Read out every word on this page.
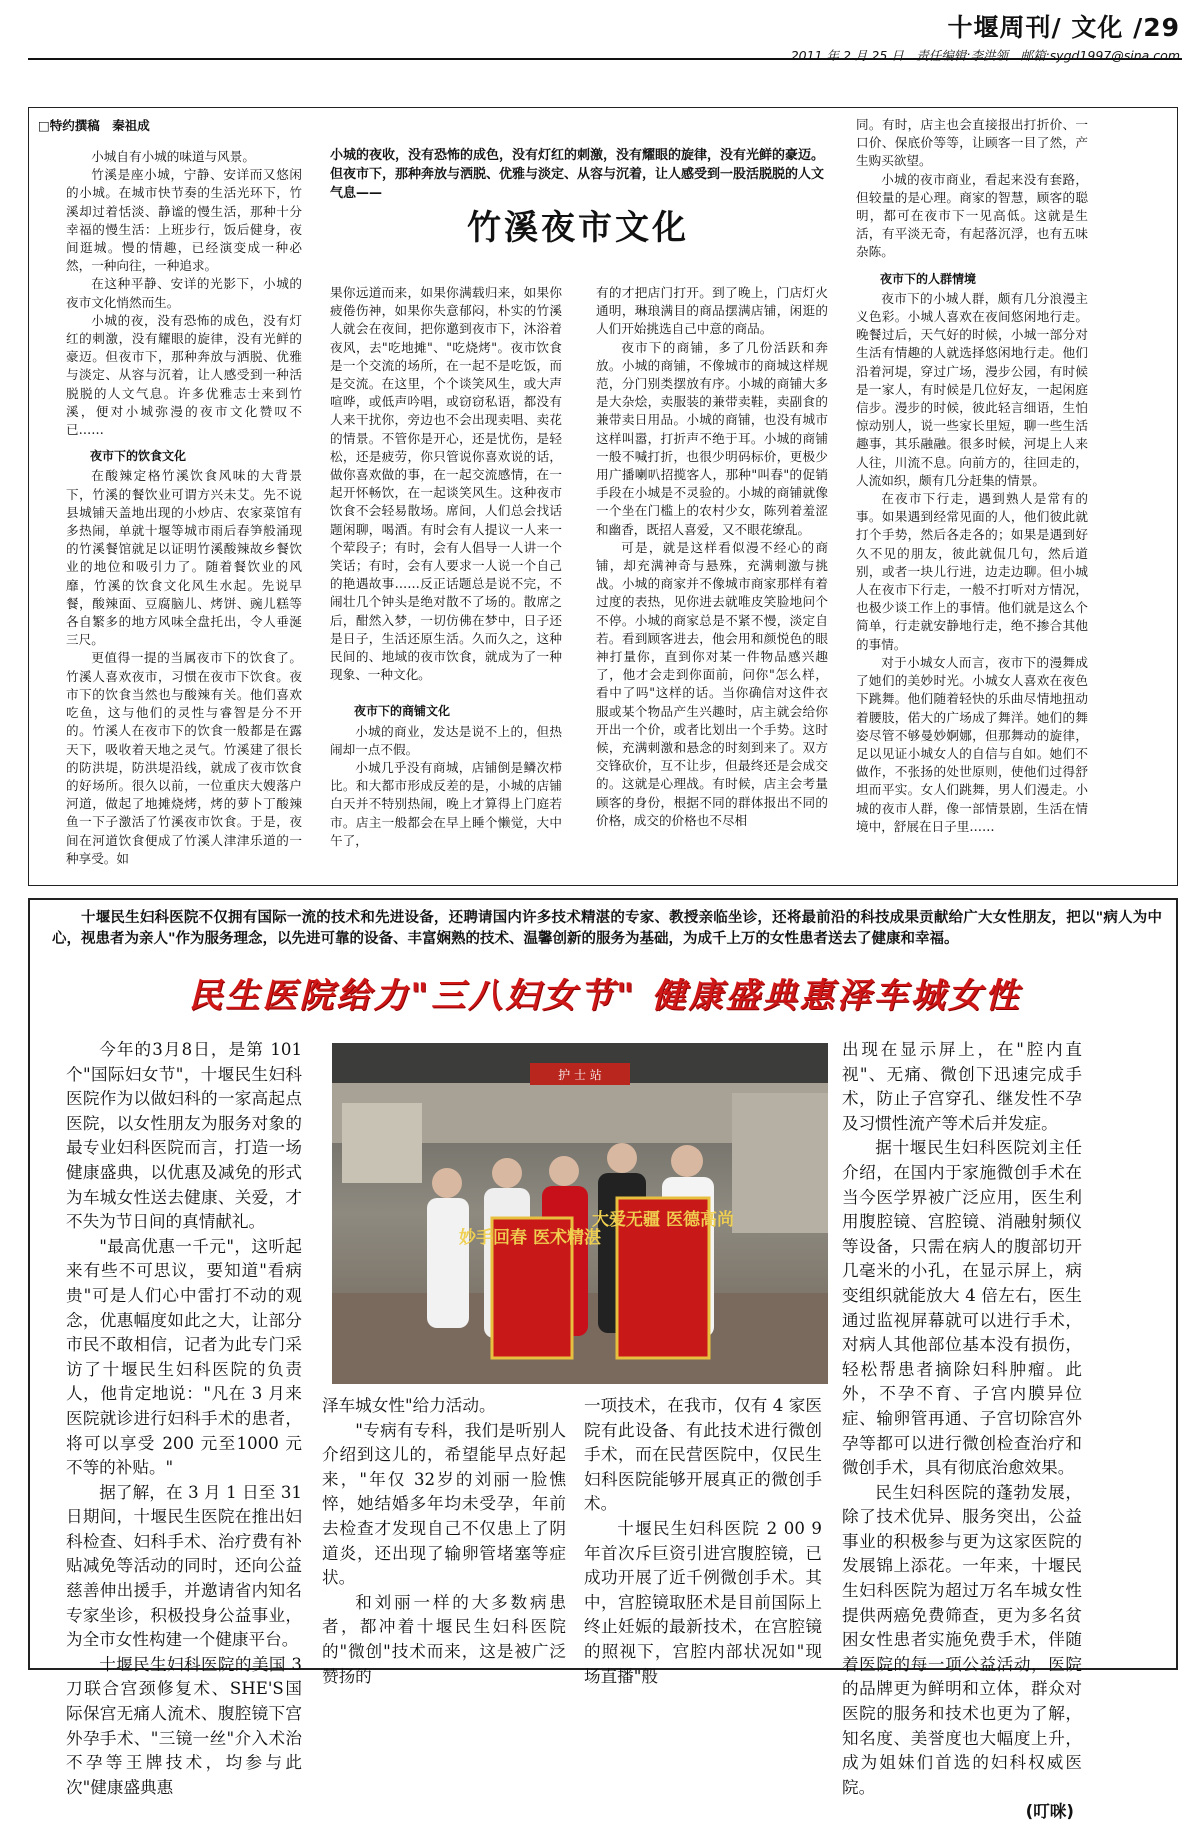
十堰周刊/ 文化 /29
2011 年 2 月 25 日　责任编辑:李洪领　邮箱:sygd1997@sina.com
□特约撰稿　秦祖成
小城的夜收，没有恐怖的成色，没有灯红的刺激，没有耀眼的旋律，没有光鲜的豪迈。但夜市下，那种奔放与洒脱、优雅与淡定、从容与沉着，让人感受到一股活脱脱的人文气息——
竹溪夜市文化

小城自有小城的味道与风景。

竹溪是座小城，宁静、安详而又悠闲的小城。在城市快节奏的生活光环下，竹溪却过着恬淡、静谧的慢生活，那种十分幸福的慢生活：上班步行，饭后健身，夜间逛城。慢的情趣，已经演变成一种必然，一种向往，一种追求。

在这种平静、安详的光影下，小城的夜市文化悄然而生。

小城的夜，没有恐怖的成色，没有灯红的刺激，没有耀眼的旋律，没有光鲜的豪迈。但夜市下，那种奔放与洒脱、优雅与淡定、从容与沉着，让人感受到一种活脱脱的人文气息。许多优雅志士来到竹溪，便对小城弥漫的夜市文化赞叹不已……

夜市下的饮食文化

在酸辣定格竹溪饮食风味的大背景下，竹溪的餐饮业可谓方兴未艾。先不说县城铺天盖地出现的小炒店、农家菜馆有多热闹，单就十堰等城市雨后春笋般涌现的竹溪餐馆就足以证明竹溪酸辣故乡餐饮业的地位和吸引力了。随着餐饮业的风靡，竹溪的饮食文化风生水起。先说早餐，酸辣面、豆腐脑儿、烤饼、豌儿糕等各自繁多的地方风味全盘托出，令人垂涎三尺。

更值得一提的当属夜市下的饮食了。竹溪人喜欢夜市，习惯在夜市下饮食。夜市下的饮食当然也与酸辣有关。他们喜欢吃鱼，这与他们的灵性与睿智是分不开的。竹溪人在夜市下的饮食一般都是在露天下，吸收着天地之灵气。竹溪建了很长的防洪堤，防洪堤沿线，就成了夜市饮食的好场所。很久以前，一位重庆大嫂落户河道，做起了地摊烧烤，烤的萝卜丁酸辣鱼一下子激活了竹溪夜市饮食。于是，夜间在河道饮食便成了竹溪人津津乐道的一种享受。如

果你远道而来，如果你满载归来，如果你疲倦伤神，如果你失意郁闷，朴实的竹溪人就会在夜间，把你邀到夜市下，沐浴着夜风，去"吃地摊"、"吃烧烤"。夜市饮食是一个交流的场所，在一起不是吃饭，而是交流。在这里，个个谈笑风生，或大声喧哗，或低声吟唱，或窃窃私语，都没有人来干扰你，旁边也不会出现卖唱、卖花的情景。不管你是开心，还是忧伤，是轻松，还是疲劳，你只管说你喜欢说的话，做你喜欢做的事，在一起交流感情，在一起开怀畅饮，在一起谈笑风生。这种夜市饮食不会轻易散场。席间，人们总会找话题闲聊，喝酒。有时会有人提议一人来一个荤段子；有时，会有人倡导一人讲一个笑话；有时，会有人要求一人说一个自己的艳遇故事……反正话题总是说不完，不闹壮几个钟头是绝对散不了场的。散席之后，酣然入梦，一切仿佛在梦中，日子还是日子，生活还原生活。久而久之，这种民间的、地域的夜市饮食，就成为了一种现象、一种文化。

夜市下的商铺文化

小城的商业，发达是说不上的，但热闹却一点不假。

小城几乎没有商城，店铺倒是鳞次栉比。和大都市形成反差的是，小城的店铺白天并不特别热闹，晚上才算得上门庭若市。店主一般都会在早上睡个懒觉，大中午了，

有的才把店门打开。到了晚上，门店灯火通明，琳琅满目的商品摆满店铺，闲逛的人们开始挑选自己中意的商品。

夜市下的商铺，多了几份活跃和奔放。小城的商铺，不像城市的商城这样规范，分门别类摆放有序。小城的商铺大多是大杂烩，卖服装的兼带卖鞋，卖副食的兼带卖日用品。小城的商铺，也没有城市这样叫嚣，打折声不绝于耳。小城的商铺一般不喊打折，也很少明码标价，更极少用广播喇叭招揽客人，那种"叫春"的促销手段在小城是不灵验的。小城的商铺就像一个坐在门槛上的农村少女，陈列着羞涩和幽香，既招人喜爱，又不眼花缭乱。

可是，就是这样看似漫不经心的商铺，却充满神奇与悬殊，充满刺激与挑战。小城的商家并不像城市商家那样有着过度的表热，见你进去就唯皮笑脸地问个不停。小城的商家总是不紧不慢，淡定自若。看到顾客进去，他会用和颜悦色的眼神打量你，直到你对某一件物品感兴趣了，他才会走到你面前，问你"怎么样，看中了吗"这样的话。当你确信对这件衣服或某个物品产生兴趣时，店主就会给你开出一个价，或者比划出一个手势。这时候，充满刺激和悬念的时刻到来了。双方交锋砍价，互不让步，但最终还是会成交的。这就是心理战。有时候，店主会考量顾客的身份，根据不同的群体报出不同的价格，成交的价格也不尽相

同。有时，店主也会直接报出打折价、一口价、保底价等等，让顾客一目了然，产生购买欲望。

小城的夜市商业，看起来没有套路，但较量的是心理。商家的智慧，顾客的聪明，都可在夜市下一见高低。这就是生活，有平淡无奇，有起落沉浮，也有五味杂陈。

夜市下的人群情境

夜市下的小城人群，颇有几分浪漫主义色彩。小城人喜欢在夜间悠闲地行走。晚餐过后，天气好的时候，小城一部分对生活有情趣的人就选择悠闲地行走。他们沿着河堤，穿过广场，漫步公园，有时候是一家人，有时候是几位好友，一起闲庭信步。漫步的时候，彼此轻言细语，生怕惊动别人，说一些家长里短，聊一些生活趣事，其乐融融。很多时候，河堤上人来人往，川流不息。向前方的，往回走的，人流如织，颇有几分赶集的情景。

在夜市下行走，遇到熟人是常有的事。如果遇到经常见面的人，他们彼此就打个手势，然后各走各的；如果是遇到好久不见的朋友，彼此就侃几句，然后道别，或者一块儿行进，边走边聊。但小城人在夜市下行走，一般不打听对方情况，也极少谈工作上的事情。他们就是这么个简单，行走就安静地行走，绝不掺合其他的事情。

对于小城女人而言，夜市下的漫舞成了她们的美妙时光。小城女人喜欢在夜色下跳舞。他们随着轻快的乐曲尽情地扭动着腰肢，偌大的广场成了舞洋。她们的舞姿尽管不够曼妙婀娜，但那舞动的旋律，足以见证小城女人的自信与自如。她们不做作，不张扬的处世原则，使他们过得舒坦而平实。女人们跳舞，男人们漫走。小城的夜市人群，像一部情景剧，生活在情境中，舒展在日子里……

十堰民生妇科医院不仅拥有国际一流的技术和先进设备，还聘请国内许多技术精湛的专家、教授亲临坐诊，还将最前沿的科技成果贡献给广大女性朋友，把以"病人为中心，视患者为亲人"作为服务理念，以先进可靠的设备、丰富娴熟的技术、温馨创新的服务为基础，为成千上万的女性患者送去了健康和幸福。
民生医院给力"三八妇女节" 健康盛典惠泽车城女性

今年的3月8日，是第 101 个"国际妇女节"，十堰民生妇科医院作为以做妇科的一家高起点医院，以女性朋友为服务对象的最专业妇科医院而言，打造一场健康盛典，以优惠及减免的形式为车城女性送去健康、关爱，才不失为节日间的真情献礼。

"最高优惠一千元"，这听起来有些不可思议，要知道"看病贵"可是人们心中雷打不动的观念，优惠幅度如此之大，让部分市民不敢相信，记者为此专门采访了十堰民生妇科医院的负责人，他肯定地说："凡在 3 月来医院就诊进行妇科手术的患者，将可以享受 200 元至1000 元不等的补贴。"

据了解，在 3 月 1 日至 31 日期间，十堰民生医院在推出妇科检查、妇科手术、治疗费有补贴减免等活动的同时，还向公益慈善伸出援手，并邀请省内知名专家坐诊，积极投身公益事业，为全市女性构建一个健康平台。

十堰民生妇科医院的美国 3 刀联合宫颈修复术、SHE'S国际保宫无痛人流术、腹腔镜下宫外孕手术、"三镜一丝"介入术治不孕等王牌技术，均参与此次"健康盛典惠

护 士 站
妙手回春 医术精湛
大爱无疆 医德高尚

泽车城女性"给力活动。

"专病有专科，我们是听别人介绍到这儿的，希望能早点好起来，"年仅 32岁的刘丽一脸憔悴，她结婚多年均未受孕，年前去检查才发现自己不仅患上了阴道炎，还出现了输卵管堵塞等症状。

和刘丽一样的大多数病患者，都冲着十堰民生妇科医院的"微创"技术而来，这是被广泛赞扬的

一项技术，在我市，仅有 4 家医院有此设备、有此技术进行微创手术，而在民营医院中，仅民生妇科医院能够开展真正的微创手术。

十堰民生妇科医院 2 00 9 年首次斥巨资引进宫腹腔镜，已成功开展了近千例微创手术。其中，宫腔镜取胚术是目前国际上终止妊娠的最新技术，在宫腔镜的照视下，宫腔内部状况如"现场直播"般

出现在显示屏上，在"腔内直视"、无痛、微创下迅速完成手术，防止子宫穿孔、继发性不孕及习惯性流产等术后并发症。

据十堰民生妇科医院刘主任介绍，在国内于家施微创手术在当今医学界被广泛应用，医生利用腹腔镜、宫腔镜、消融射频仪等设备，只需在病人的腹部切开几毫米的小孔，在显示屏上，病变组织就能放大 4 倍左右，医生通过监视屏幕就可以进行手术，对病人其他部位基本没有损伤，轻松帮患者摘除妇科肿瘤。此外，不孕不育、子宫内膜异位症、输卵管再通、子宫切除宫外孕等都可以进行微创检查治疗和微创手术，具有彻底治愈效果。

民生妇科医院的蓬勃发展，除了技术优异、服务突出，公益事业的积极参与更为这家医院的发展锦上添花。一年来，十堰民生妇科医院为超过万名车城女性提供两癌免费筛查，更为多名贫困女性患者实施免费手术，伴随着医院的每一项公益活动，医院的品牌更为鲜明和立体，群众对医院的服务和技术也更为了解，知名度、美誉度也大幅度上升，成为姐妹们首选的妇科权威医院。

(叮咪)
